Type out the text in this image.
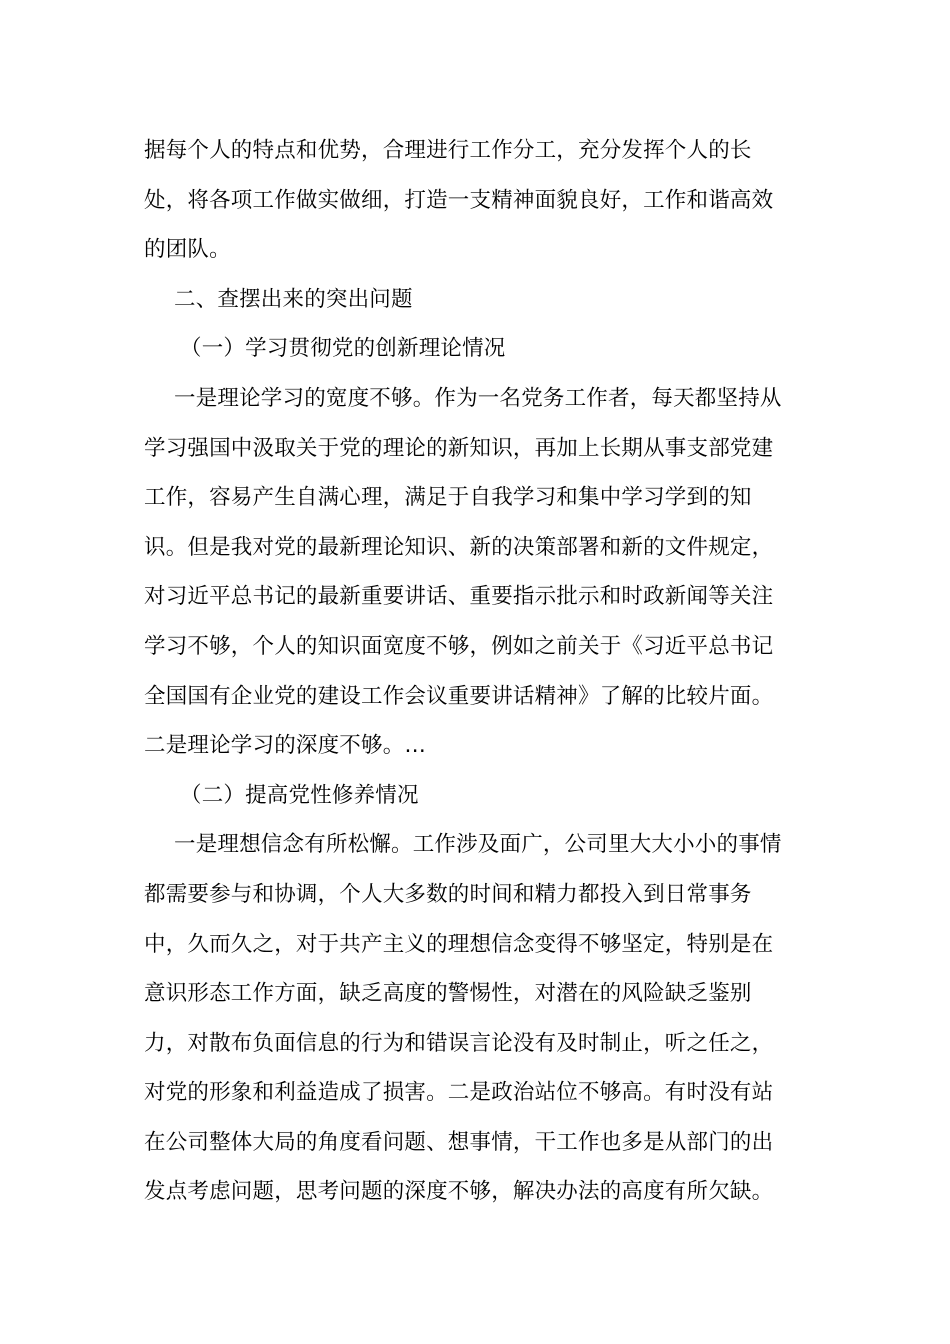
据每个人的特点和优势，合理进行工作分工，充分发挥个人的长
处，将各项工作做实做细，打造一支精神面貌良好，工作和谐高效
的团队。
二、查摆出来的突出问题
（一）学习贯彻党的创新理论情况
一是理论学习的宽度不够。作为一名党务工作者，每天都坚持从
学习强国中汲取关于党的理论的新知识，再加上长期从事支部党建
工作，容易产生自满心理，满足于自我学习和集中学习学到的知
识。但是我对党的最新理论知识、新的决策部署和新的文件规定，
对习近平总书记的最新重要讲话、重要指示批示和时政新闻等关注
学习不够，个人的知识面宽度不够，例如之前关于《习近平总书记
全国国有企业党的建设工作会议重要讲话精神》了解的比较片面。
二是理论学习的深度不够。…
（二）提高党性修养情况
一是理想信念有所松懈。工作涉及面广，公司里大大小小的事情
都需要参与和协调，个人大多数的时间和精力都投入到日常事务
中，久而久之，对于共产主义的理想信念变得不够坚定，特别是在
意识形态工作方面，缺乏高度的警惕性，对潜在的风险缺乏鉴别
力，对散布负面信息的行为和错误言论没有及时制止，听之任之，
对党的形象和利益造成了损害。二是政治站位不够高。有时没有站
在公司整体大局的角度看问题、想事情，干工作也多是从部门的出
发点考虑问题，思考问题的深度不够，解决办法的高度有所欠缺。
